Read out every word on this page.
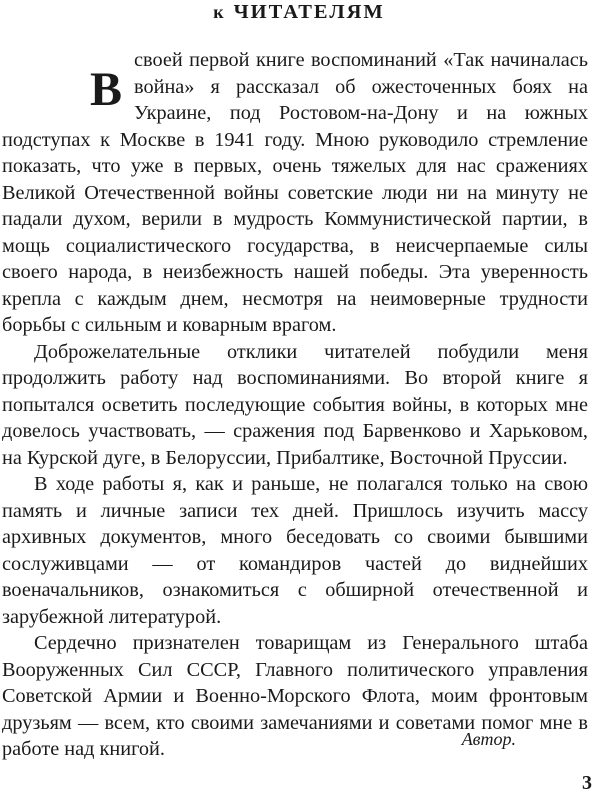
к ЧИТАТЕЛЯМ

В
своей первой книге воспоминаний «Так начиналась война» я рассказал об ожесточенных боях на Украине, под Ростовом-на-Дону и на южных подступах к Москве в 1941 году. Мною руководило стремление показать, что уже в первых, очень тяжелых для нас сражениях Великой Отечественной войны советские люди ни на минуту не падали духом, верили в мудрость Коммунистической партии, в мощь социалистического государства, в неисчерпаемые силы своего народа, в неизбежность нашей победы. Эта уверенность крепла с каждым днем, несмотря на неимоверные трудности борьбы с сильным и коварным врагом.

Доброжелательные отклики читателей побудили меня продолжить работу над воспоминаниями. Во второй книге я попытался осветить последующие события войны, в которых мне довелось участвовать, — сражения под Барвенково и Харьковом, на Курской дуге, в Белоруссии, Прибалтике, Восточной Пруссии.

В ходе работы я, как и раньше, не полагался только на свою память и личные записи тех дней. Пришлось изучить массу архивных документов, много беседовать со своими бывшими сослуживцами — от командиров частей до виднейших военачальников, ознакомиться с обширной отечественной и зарубежной литературой.

Сердечно признателен товарищам из Генерального штаба Вооруженных Сил СССР, Главного политического управления Советской Армии и Военно-Морского Флота, моим фронтовым друзьям — всем, кто своими замечаниями и советами помог мне в работе над книгой.	Автор.

3
